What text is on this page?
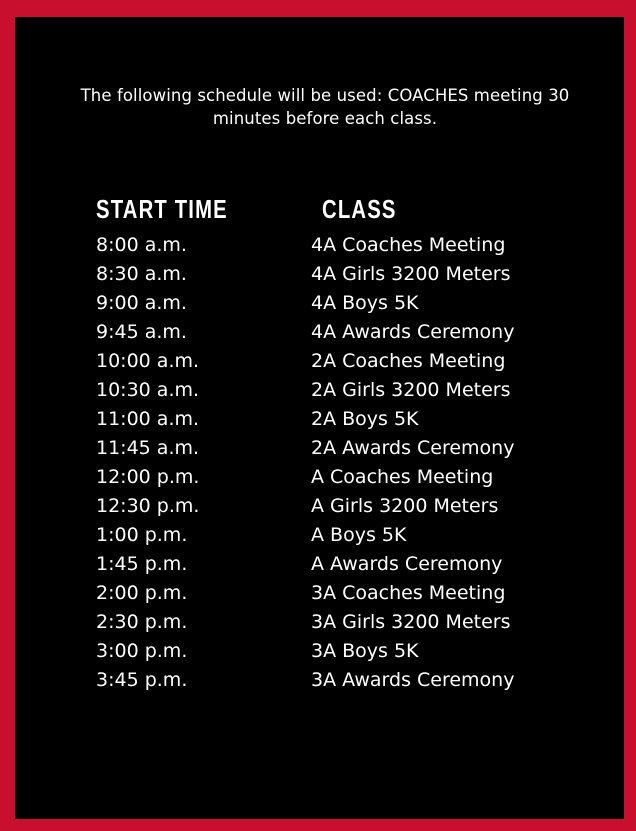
The following schedule will be used: COACHES meeting 30 minutes before each class.
START TIME	CLASS
8:00 a.m.	4A Coaches Meeting
8:30 a.m.	4A Girls 3200 Meters
9:00 a.m.	4A Boys 5K
9:45 a.m.	4A Awards Ceremony
10:00 a.m.	2A Coaches Meeting
10:30 a.m.	2A Girls 3200 Meters
11:00 a.m.	2A Boys 5K
11:45 a.m.	2A Awards Ceremony
12:00 p.m.	A Coaches Meeting
12:30 p.m.	A Girls 3200 Meters
1:00 p.m.	A Boys 5K
1:45 p.m.	A Awards Ceremony
2:00 p.m.	3A Coaches Meeting
2:30 p.m.	3A Girls 3200 Meters
3:00 p.m.	3A Boys 5K
3:45 p.m.	3A Awards Ceremony
